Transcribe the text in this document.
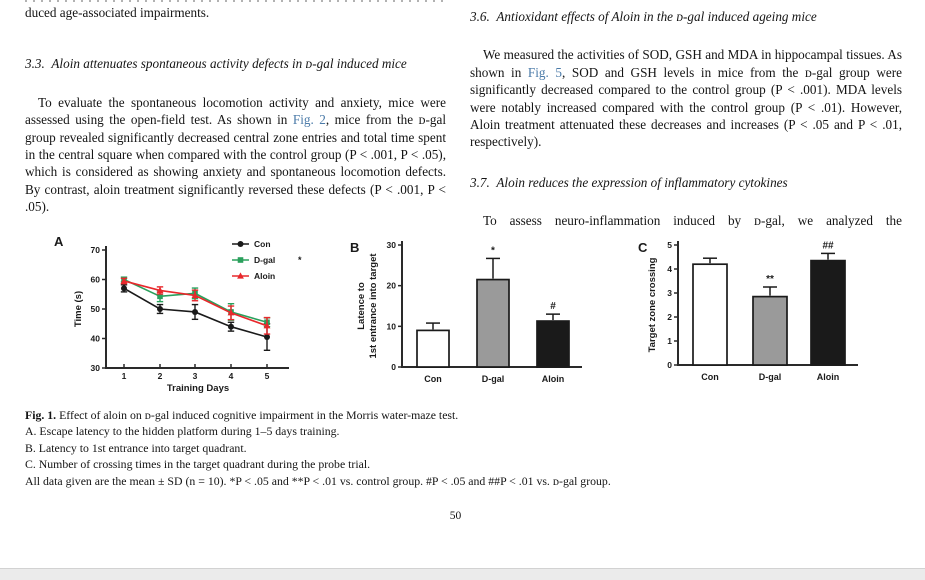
duced age-associated impairments.
3.3. Aloin attenuates spontaneous activity defects in ᴅ-gal induced mice
To evaluate the spontaneous locomotion activity and anxiety, mice were assessed using the open-field test. As shown in Fig. 2, mice from the ᴅ-gal group revealed significantly decreased central zone entries and total time spent in the central square when compared with the control group (P < .001, P < .05), which is considered as showing anxiety and spontaneous locomotion defects. By contrast, aloin treatment significantly reversed these defects (P < .001, P < .05).
3.6. Antioxidant effects of Aloin in the ᴅ-gal induced ageing mice
We measured the activities of SOD, GSH and MDA in hippocampal tissues. As shown in Fig. 5, SOD and GSH levels in mice from the ᴅ-gal group were significantly decreased compared to the control group (P < .001). MDA levels were notably increased compared with the control group (P < .01). However, Aloin treatment attenuated these decreases and increases (P < .05 and P < .01, respectively).
3.7. Aloin reduces the expression of inflammatory cytokines
To assess neuro-inflammation induced by ᴅ-gal, we analyzed the
A
30
40
50
60
70
1	2	3	4	5
Training Days
Time (s)
Con
D-gal	*
Aloin
B
0
10
20
30
Con
*
D-gal
#
Aloin
Latence to 1st entrance into target
C
0
1
2
3
4
5
Con
**
D-gal
##
Aloin
Target zone crossing
Fig. 1. Effect of aloin on ᴅ-gal induced cognitive impairment in the Morris water-maze test.
A. Escape latency to the hidden platform during 1–5 days training.
B. Latency to 1st entrance into target quadrant.
C. Number of crossing times in the target quadrant during the probe trial.
All data given are the mean ± SD (n = 10). *P < .05 and **P < .01 vs. control group. #P < .05 and ##P < .01 vs. ᴅ-gal group.
50
